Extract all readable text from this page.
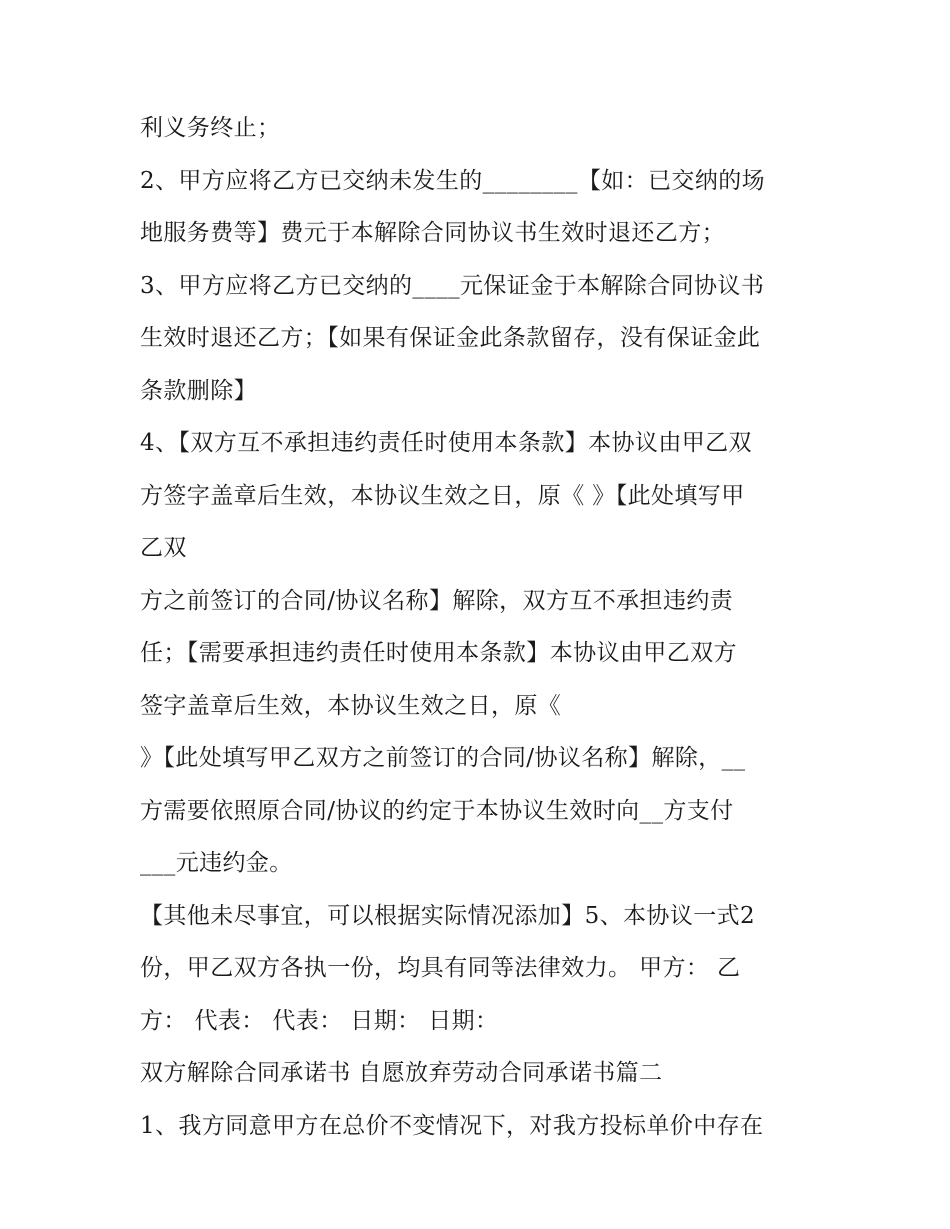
利义务终止；
2、甲方应将乙方已交纳未发生的________【如：已交纳的场
地服务费等】费元于本解除合同协议书生效时退还乙方；
3、甲方应将乙方已交纳的____元保证金于本解除合同协议书
生效时退还乙方；【如果有保证金此条款留存，没有保证金此
条款删除】
4、【双方互不承担违约责任时使用本条款】本协议由甲乙双
方签字盖章后生效，本协议生效之日，原《 》【此处填写甲
乙双
方之前签订的合同/协议名称】解除，双方互不承担违约责
任；【需要承担违约责任时使用本条款】本协议由甲乙双方
签字盖章后生效，本协议生效之日，原《
》【此处填写甲乙双方之前签订的合同/协议名称】解除，__
方需要依照原合同/协议的约定于本协议生效时向__方支付
___元违约金。
【其他未尽事宜，可以根据实际情况添加】5、本协议一式2
份，甲乙双方各执一份，均具有同等法律效力。 甲方： 乙
方： 代表： 代表： 日期： 日期：
双方解除合同承诺书 自愿放弃劳动合同承诺书篇二
1、我方同意甲方在总价不变情况下，对我方投标单价中存在
